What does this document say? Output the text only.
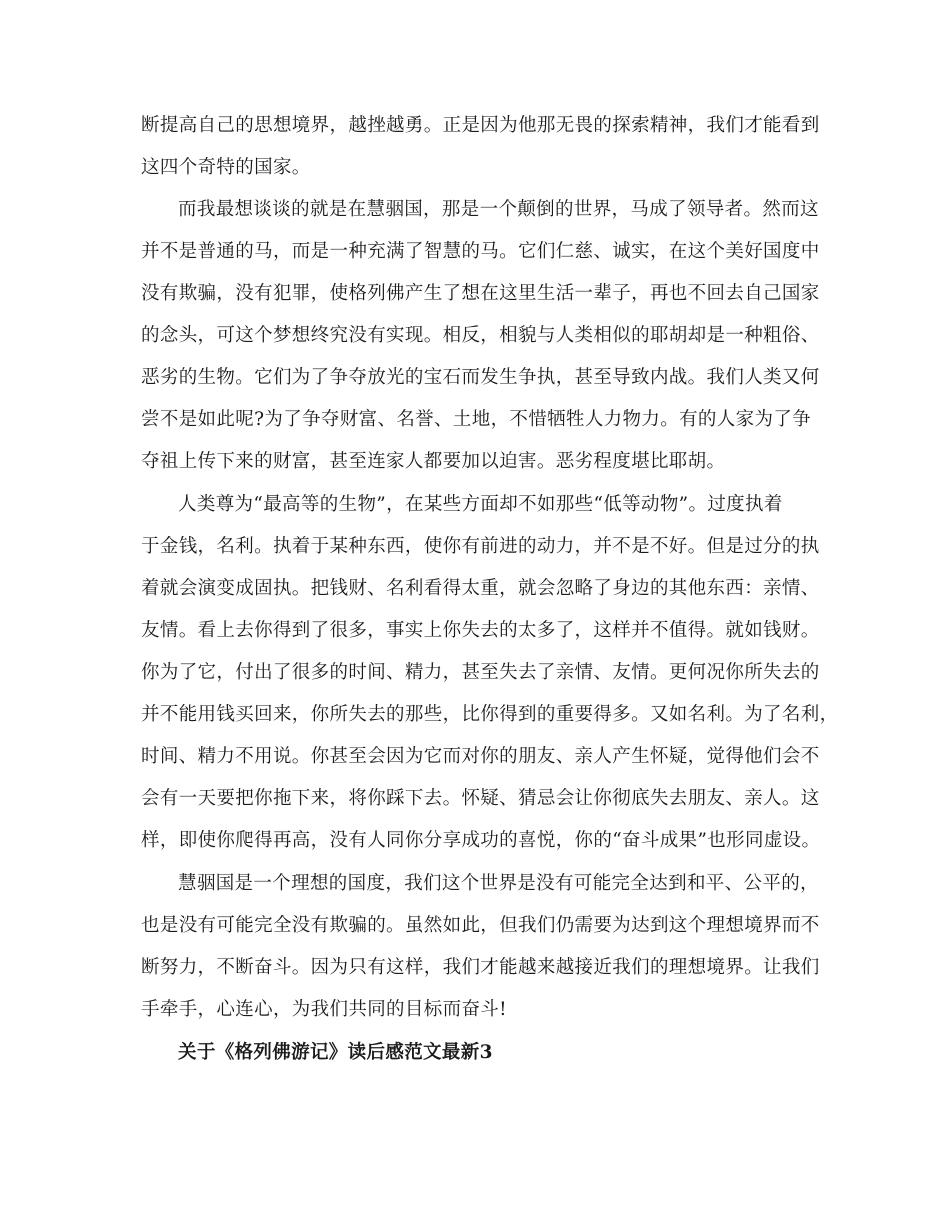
断提高自己的思想境界，越挫越勇。正是因为他那无畏的探索精神，我们才能看到
这四个奇特的国家。
而我最想谈谈的就是在慧骃国，那是一个颠倒的世界，马成了领导者。然而这
并不是普通的马，而是一种充满了智慧的马。它们仁慈、诚实，在这个美好国度中
没有欺骗，没有犯罪，使格列佛产生了想在这里生活一辈子，再也不回去自己国家
的念头，可这个梦想终究没有实现。相反，相貌与人类相似的耶胡却是一种粗俗、
恶劣的生物。它们为了争夺放光的宝石而发生争执，甚至导致内战。我们人类又何
尝不是如此呢?为了争夺财富、名誉、土地，不惜牺牲人力物力。有的人家为了争
夺祖上传下来的财富，甚至连家人都要加以迫害。恶劣程度堪比耶胡。
人类尊为“最高等的生物”，在某些方面却不如那些“低等动物”。过度执着
于金钱，名利。执着于某种东西，使你有前进的动力，并不是不好。但是过分的执
着就会演变成固执。把钱财、名利看得太重，就会忽略了身边的其他东西：亲情、
友情。看上去你得到了很多，事实上你失去的太多了，这样并不值得。就如钱财。
你为了它，付出了很多的时间、精力，甚至失去了亲情、友情。更何况你所失去的
并不能用钱买回来，你所失去的那些，比你得到的重要得多。又如名利。为了名利，
时间、精力不用说。你甚至会因为它而对你的朋友、亲人产生怀疑，觉得他们会不
会有一天要把你拖下来，将你踩下去。怀疑、猜忌会让你彻底失去朋友、亲人。这
样，即使你爬得再高，没有人同你分享成功的喜悦，你的“奋斗成果”也形同虚设。
慧骃国是一个理想的国度，我们这个世界是没有可能完全达到和平、公平的，
也是没有可能完全没有欺骗的。虽然如此，但我们仍需要为达到这个理想境界而不
断努力，不断奋斗。因为只有这样，我们才能越来越接近我们的理想境界。让我们
手牵手，心连心，为我们共同的目标而奋斗!
关于《格列佛游记》读后感范文最新3
